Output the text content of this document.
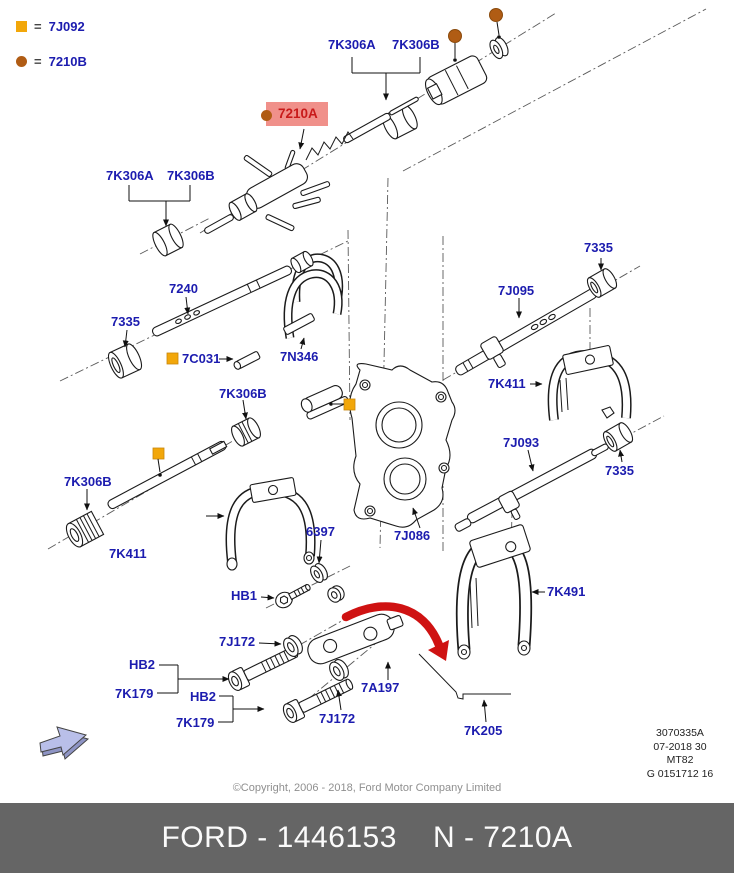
= 7J092
= 7210B
7210A
7K306A 7K306B
7K306A 7K306B
7240
7335
7C031	7N346
7335
7J095
7K411
7J093
7335
7K306B
7J086
7K306B
7K411
6397
HB1
7J172
HB2
7K179	HB2
7K179	7J172
7A197
7K205
7K491
3070335A
07-2018 30
MT82
G 0151712 16
©Copyright, 2006 - 2018, Ford Motor Company Limited
FORD - 1446153 N - 7210A
